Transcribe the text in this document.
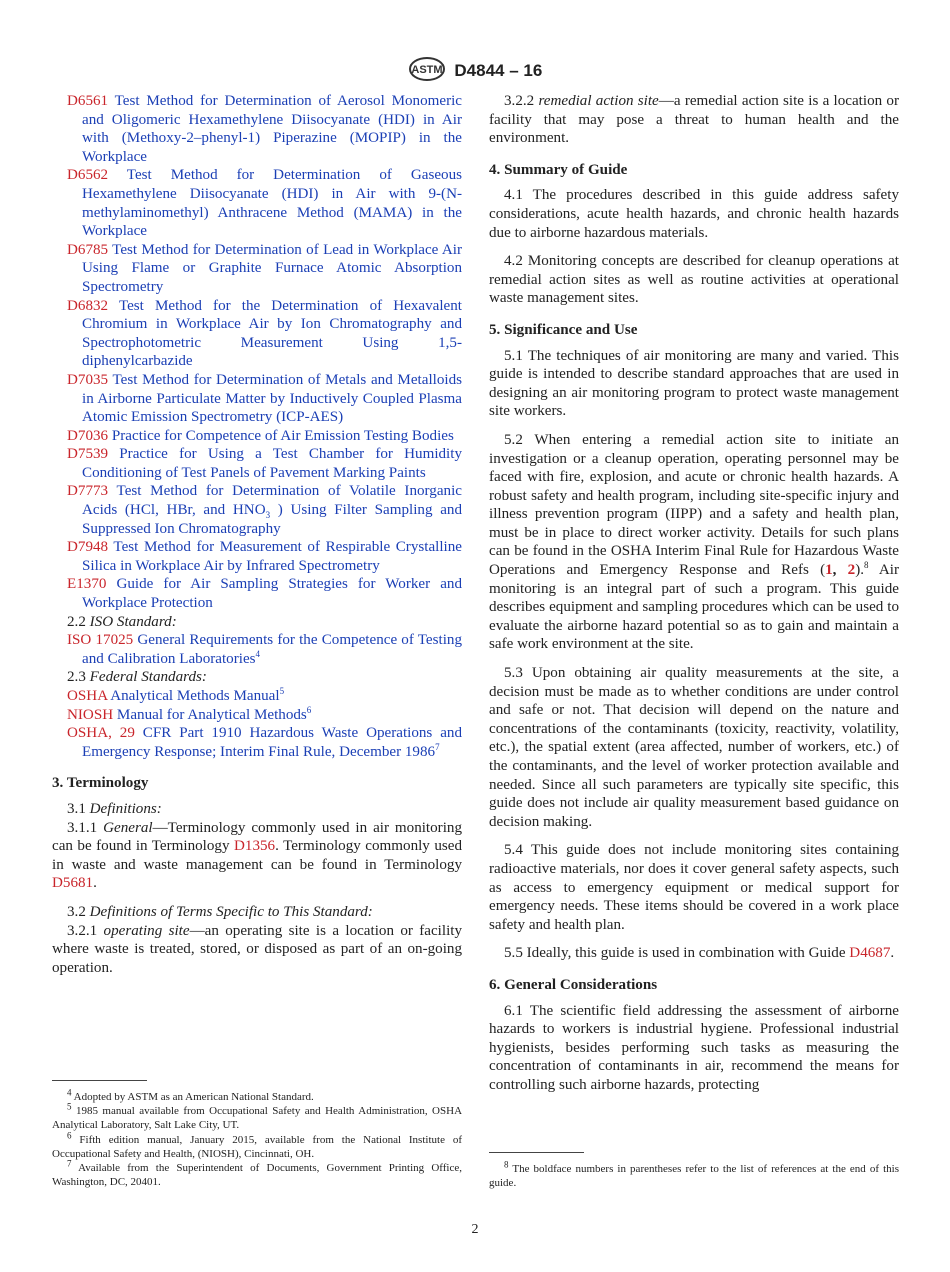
ASTM D4844 – 16
D6561 Test Method for Determination of Aerosol Monomeric and Oligomeric Hexamethylene Diisocyanate (HDI) in Air with (Methoxy-2–phenyl-1) Piperazine (MOPIP) in the Workplace
D6562 Test Method for Determination of Gaseous Hexamethylene Diisocyanate (HDI) in Air with 9-(N-methylaminomethyl) Anthracene Method (MAMA) in the Workplace
D6785 Test Method for Determination of Lead in Workplace Air Using Flame or Graphite Furnace Atomic Absorption Spectrometry
D6832 Test Method for the Determination of Hexavalent Chromium in Workplace Air by Ion Chromatography and Spectrophotometric Measurement Using 1,5-diphenylcarbazide
D7035 Test Method for Determination of Metals and Metalloids in Airborne Particulate Matter by Inductively Coupled Plasma Atomic Emission Spectrometry (ICP-AES)
D7036 Practice for Competence of Air Emission Testing Bodies
D7539 Practice for Using a Test Chamber for Humidity Conditioning of Test Panels of Pavement Marking Paints
D7773 Test Method for Determination of Volatile Inorganic Acids (HCl, HBr, and $HNO_3$ ) Using Filter Sampling and Suppressed Ion Chromatography
D7948 Test Method for Measurement of Respirable Crystalline Silica in Workplace Air by Infrared Spectrometry
E1370 Guide for Air Sampling Strategies for Worker and Workplace Protection
2.2 ISO Standard:
ISO 17025 General Requirements for the Competence of Testing and Calibration Laboratories$^4$
2.3 Federal Standards:
OSHA Analytical Methods Manual$^5$
NIOSH Manual for Analytical Methods$^6$
OSHA, 29 CFR Part 1910 Hazardous Waste Operations and Emergency Response; Interim Final Rule, December 1986$^7$
3. Terminology
3.1 Definitions:
3.1.1 General—Terminology commonly used in air monitoring can be found in Terminology D1356. Terminology commonly used in waste and waste management can be found in Terminology D5681.
3.2 Definitions of Terms Specific to This Standard:
3.2.1 operating site—an operating site is a location or facility where waste is treated, stored, or disposed as part of an on-going operation.

$^4$ Adopted by ASTM as an American National Standard.

$^5$ 1985 manual available from Occupational Safety and Health Administration, OSHA Analytical Laboratory, Salt Lake City, UT.

$^6$ Fifth edition manual, January 2015, available from the National Institute of Occupational Safety and Health, (NIOSH), Cincinnati, OH.

$^7$ Available from the Superintendent of Documents, Government Printing Office, Washington, DC, 20401.

3.2.2 remedial action site—a remedial action site is a location or facility that may pose a threat to human health and the environment.
4. Summary of Guide
4.1 The procedures described in this guide address safety considerations, acute health hazards, and chronic health hazards due to airborne hazardous materials.
4.2 Monitoring concepts are described for cleanup operations at remedial action sites as well as routine activities at operational waste management sites.
5. Significance and Use
5.1 The techniques of air monitoring are many and varied. This guide is intended to describe standard approaches that are used in designing an air monitoring program to protect waste management site workers.
5.2 When entering a remedial action site to initiate an investigation or a cleanup operation, operating personnel may be faced with fire, explosion, and acute or chronic health hazards. A robust safety and health program, including site-specific injury and illness prevention program (IIPP) and a safety and health plan, must be in place to direct worker activity. Details for such plans can be found in the OSHA Interim Final Rule for Hazardous Waste Operations and Emergency Response and Refs (1, 2).$^8$ Air monitoring is an integral part of such a program. This guide describes equipment and sampling procedures which can be used to evaluate the airborne hazard potential so as to gain and maintain a safe work environment at the site.
5.3 Upon obtaining air quality measurements at the site, a decision must be made as to whether conditions are under control and safe or not. That decision will depend on the nature and concentrations of the contaminants (toxicity, reactivity, volatility, etc.), the spatial extent (area affected, number of workers, etc.) of the contaminants, and the level of worker protection available and needed. Since all such parameters are typically site specific, this guide does not include air quality measurement based guidance on decision making.
5.4 This guide does not include monitoring sites containing radioactive materials, nor does it cover general safety aspects, such as access to emergency equipment or medical support for emergency needs. These items should be covered in a work place safety and health plan.
5.5 Ideally, this guide is used in combination with Guide D4687.
6. General Considerations
6.1 The scientific field addressing the assessment of airborne hazards to workers is industrial hygiene. Professional industrial hygienists, besides performing such tasks as measuring the concentration of contaminants in air, recommend the means for controlling such airborne hazards, protecting

$^8$ The boldface numbers in parentheses refer to the list of references at the end of this guide.

2
